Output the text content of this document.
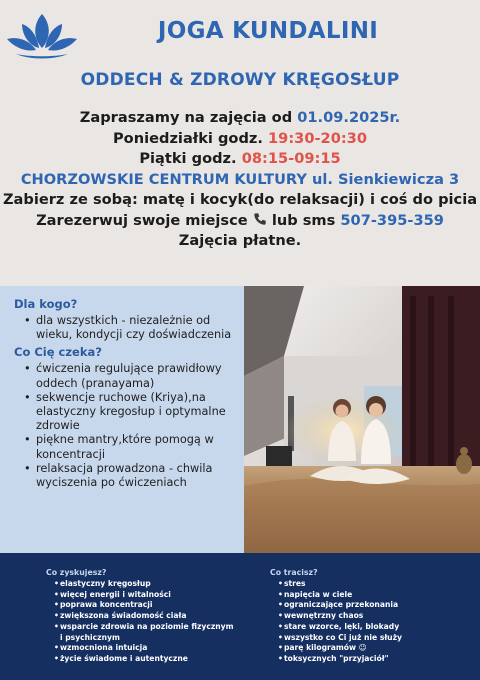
JOGA KUNDALINI
ODDECH & ZDROWY KRĘGOSŁUP
Zapraszamy na zajęcia od 01.09.2025r.
Poniedziałki godz. 19:30-20:30
Piątki godz. 08:15-09:15
CHORZOWSKIE CENTRUM KULTURY ul. Sienkiewicza 3
Zabierz ze sobą: matę i kocyk(do relaksacji) i coś do picia
Zarezerwuj swoje miejsce  lub sms 507-395-359
Zajęcia płatne.
Dla kogo?
• dla wszystkich - niezależnie od wieku, kondycji czy doświadczenia
Co Cię czeka?
• ćwiczenia regulujące prawidłowy oddech (pranayama)
• sekwencje ruchowe (Kriya),na elastyczny kregosłup i optymalne zdrowie
• piękne mantry,które pomogą w koncentracji
• relaksacja prowadzona - chwila wyciszenia po ćwiczeniach
Co zyskujesz?
• elastyczny kręgosłup
• więcej energii i witalności
• poprawa koncentracji
• zwiększona świadomość ciała
• wsparcie zdrowia na poziomie fizycznym i psychicznym
• wzmocniona intuicja
• życie świadome i autentyczne
Co tracisz?
• stres
• napięcia w ciele
• ograniczające przekonania
• wewnętrzny chaos
• stare wzorce, lęki, blokady
• wszystko co Ci już nie służy
• parę kilogramów 😉
• toksycznych "przyjaciół"
